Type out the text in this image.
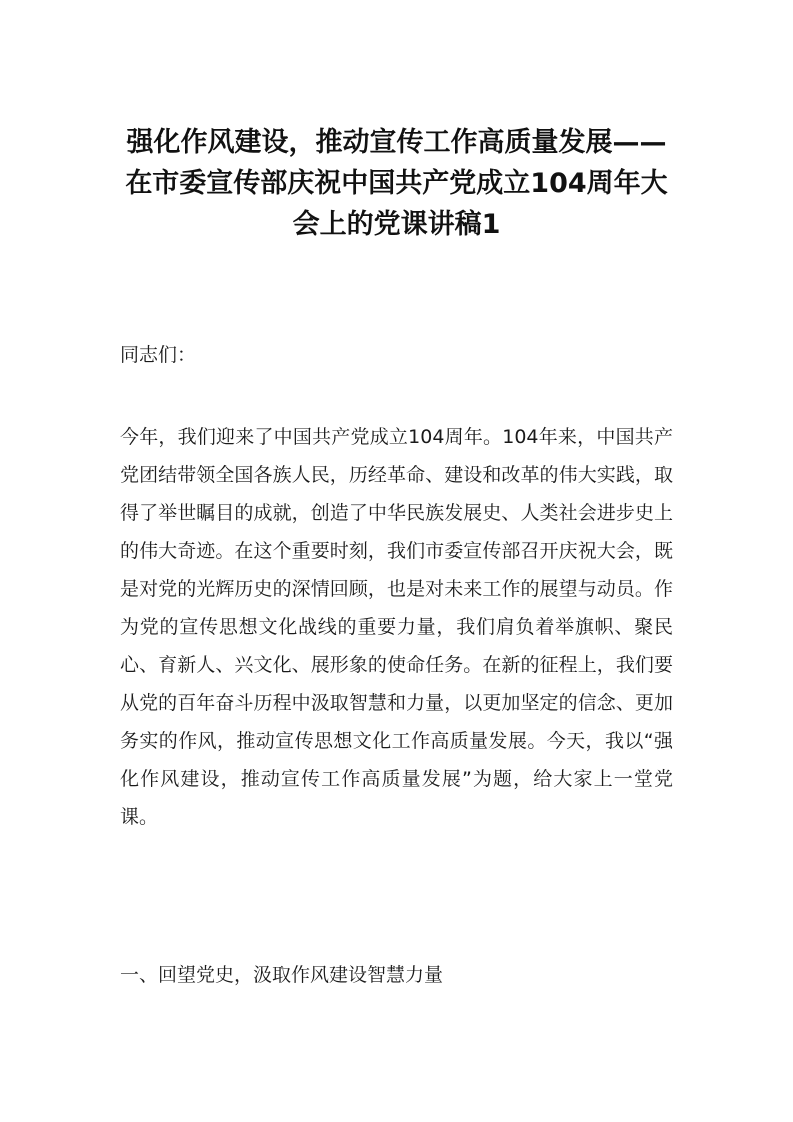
强化作风建设，推动宣传工作高质量发展——在市委宣传部庆祝中国共产党成立104周年大会上的党课讲稿1

同志们：

今年，我们迎来了中国共产党成立104周年。104年来，中国共产党团结带领全国各族人民，历经革命、建设和改革的伟大实践，取得了举世瞩目的成就，创造了中华民族发展史、人类社会进步史上的伟大奇迹。在这个重要时刻，我们市委宣传部召开庆祝大会，既是对党的光辉历史的深情回顾，也是对未来工作的展望与动员。作为党的宣传思想文化战线的重要力量，我们肩负着举旗帜、聚民心、育新人、兴文化、展形象的使命任务。在新的征程上，我们要从党的百年奋斗历程中汲取智慧和力量，以更加坚定的信念、更加务实的作风，推动宣传思想文化工作高质量发展。今天，我以“强化作风建设，推动宣传工作高质量发展”为题，给大家上一堂党课。

一、回望党史，汲取作风建设智慧力量
